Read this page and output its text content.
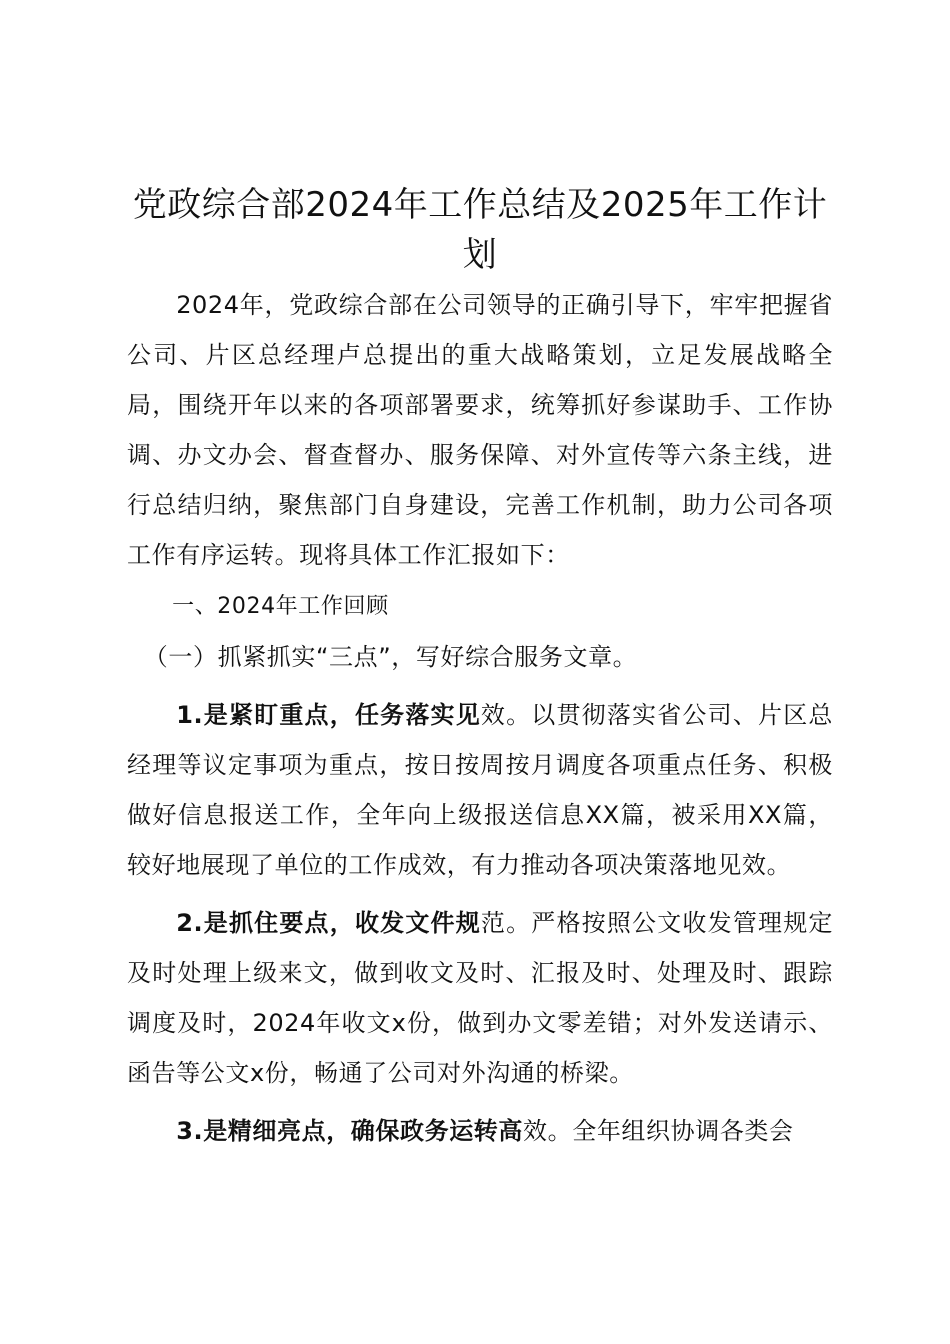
党政综合部2024年工作总结及2025年工作计划

2024年，党政综合部在公司领导的正确引导下，牢牢把握省公司、片区总经理卢总提出的重大战略策划，立足发展战略全局，围绕开年以来的各项部署要求，统筹抓好参谋助手、工作协调、办文办会、督查督办、服务保障、对外宣传等六条主线，进行总结归纳，聚焦部门自身建设，完善工作机制，助力公司各项工作有序运转。现将具体工作汇报如下：

一、2024年工作回顾

（一）抓紧抓实“三点”，写好综合服务文章。

1.是紧盯重点，任务落实见效。以贯彻落实省公司、片区总经理等议定事项为重点，按日按周按月调度各项重点任务、积极做好信息报送工作，全年向上级报送信息XX篇，被采用XX篇，较好地展现了单位的工作成效，有力推动各项决策落地见效。

2.是抓住要点，收发文件规范。严格按照公文收发管理规定及时处理上级来文，做到收文及时、汇报及时、处理及时、跟踪调度及时，2024年收文x份，做到办文零差错；对外发送请示、函告等公文x份，畅通了公司对外沟通的桥梁。

3.是精细亮点，确保政务运转高效。全年组织协调各类会
